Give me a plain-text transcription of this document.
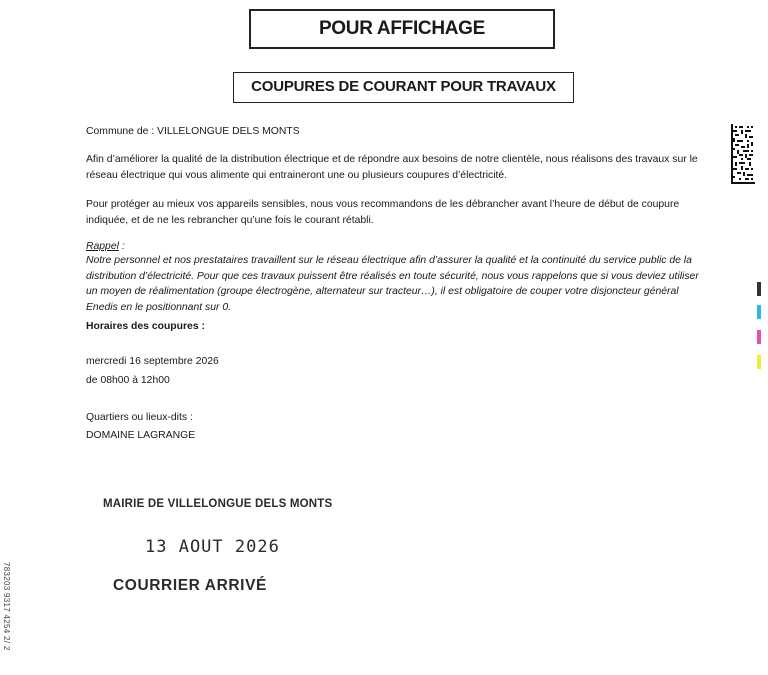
POUR AFFICHAGE
COUPURES DE COURANT POUR TRAVAUX
Commune de : VILLELONGUE DELS MONTS
Afin d’améliorer la qualité de la distribution électrique et de répondre aux besoins de notre clientèle, nous réalisons des travaux sur le réseau électrique qui vous alimente qui entraineront une ou plusieurs coupures d’électricité.
Pour protéger au mieux vos appareils sensibles, nous vous recommandons de les débrancher avant l’heure de début de coupure indiquée, et de ne les rebrancher qu’une fois le courant rétabli.
Rappel :
Notre personnel et nos prestataires travaillent sur le réseau électrique afin d’assurer la qualité et la continuité du service public de la distribution d’électricité. Pour que ces travaux puissent être réalisés en toute sécurité, nous vous rappelons que si vous deviez utiliser un moyen de réalimentation (groupe électrogène, alternateur sur tracteur…), il est obligatoire de couper votre disjoncteur général Enedis en le positionnant sur 0.
Horaires des coupures :
mercredi 16 septembre 2026
de 08h00 à 12h00
Quartiers ou lieux-dits :
DOMAINE LAGRANGE
MAIRIE DE VILLELONGUE DELS MONTS
13 AOUT 2026
COURRIER ARRIVÉ
783203 9317 4254 2/ 2
